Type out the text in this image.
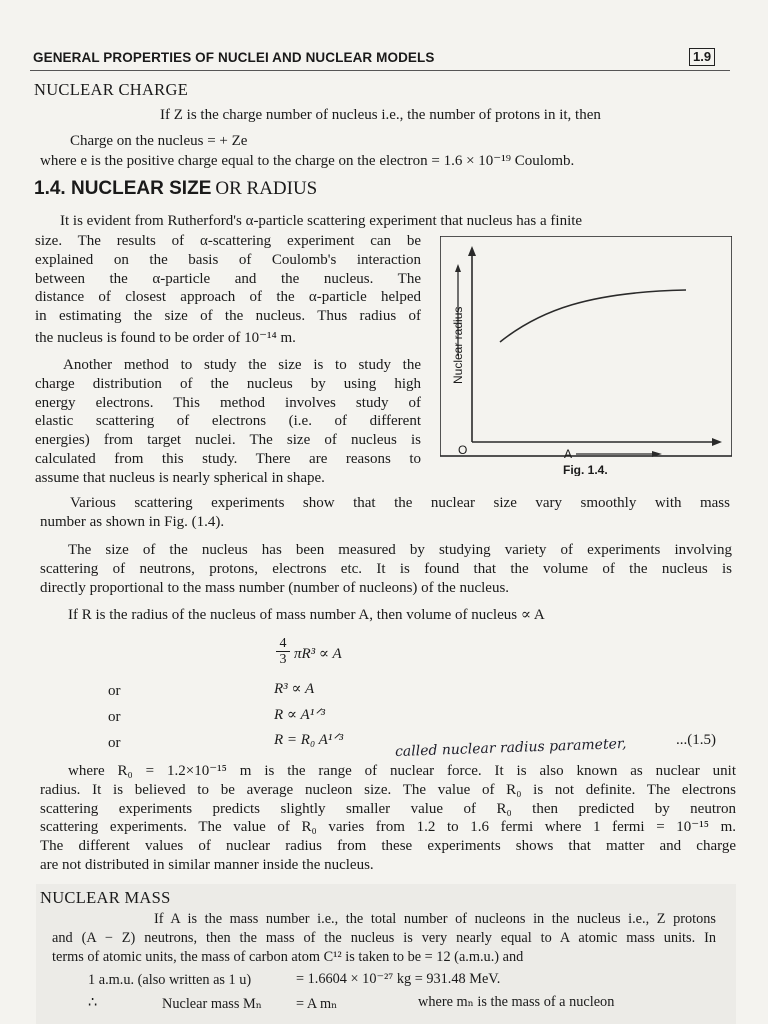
GENERAL PROPERTIES OF NUCLEI AND NUCLEAR MODELS	1.9
NUCLEAR CHARGE
If Z is the charge number of nucleus i.e., the number of protons in it, then
Charge on the nucleus = + Ze
where e is the positive charge equal to the charge on the electron = 1.6 × 10⁻¹⁹ Coulomb.
1.4. NUCLEAR SIZE OR RADIUS
It is evident from Rutherford's α-particle scattering experiment that nucleus has a finite
size. The results of α-scattering experiment can be
explained on the basis of Coulomb's interaction
between the α-particle and the nucleus. The
distance of closest approach of the α-particle helped
in estimating the size of the nucleus. Thus radius of
the nucleus is found to be order of 10⁻¹⁴ m.
Another method to study the size is to study the
charge distribution of the nucleus by using high
energy electrons. This method involves study of
elastic scattering of electrons (i.e. of different
energies) from target nuclei. The size of nucleus is
calculated from this study. There are reasons to
assume that nucleus is nearly spherical in shape.
Nuclear radius
O	A
Fig. 1.4.
Various scattering experiments show that the nuclear size vary smoothly with mass
number as shown in Fig. (1.4).
The size of the nucleus has been measured by studying variety of experiments involving
scattering of neutrons, protons, electrons etc. It is found that the volume of the nucleus is
directly proportional to the mass number (number of nucleons) of the nucleus.
If R is the radius of the nucleus of mass number A, then volume of nucleus ∝ A
$\frac{4}{3} \pi R^3 \propto A$
or	R³ ∝ A
or	R ∝ A¹ᐟ³
or	R = R₀ A¹ᐟ³	...(1.5)
called nuclear radius parameter,
where R₀ = 1.2×10⁻¹⁵ m is the range of nuclear force. It is also known as nuclear unit
radius. It is believed to be average nucleon size. The value of R₀ is not definite. The electrons
scattering experiments predicts slightly smaller value of R₀ then predicted by neutron
scattering experiments. The value of R₀ varies from 1.2 to 1.6 fermi where 1 fermi = 10⁻¹⁵ m.
The different values of nuclear radius from these experiments shows that matter and charge
are not distributed in similar manner inside the nucleus.
NUCLEAR MASS
If A is the mass number i.e., the total number of nucleons in the nucleus i.e., Z protons
and (A − Z) neutrons, then the mass of the nucleus is very nearly equal to A atomic mass units. In
terms of atomic units, the mass of carbon atom C¹² is taken to be = 12 (a.m.u.) and
1 a.m.u. (also written as 1 u)	= 1.6604 × 10⁻²⁷ kg = 931.48 MeV.
∴	Nuclear mass Mₙ = A mₙ	where mₙ is the mass of a nucleon
